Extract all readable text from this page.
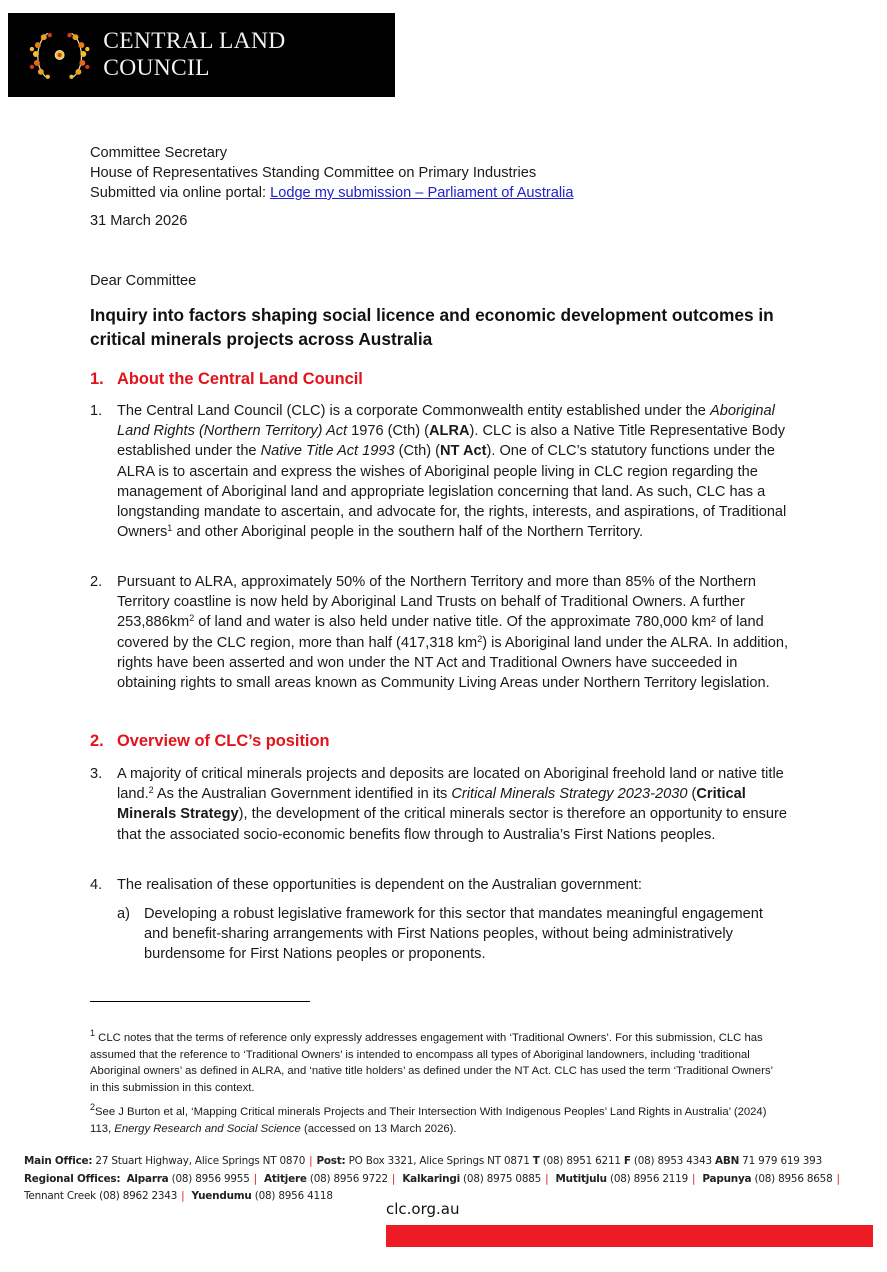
CENTRAL LAND COUNCIL
Committee Secretary
House of Representatives Standing Committee on Primary Industries
Submitted via online portal: Lodge my submission – Parliament of Australia
31 March 2026
Dear Committee
Inquiry into factors shaping social licence and economic development outcomes in critical minerals projects across Australia
1. About the Central Land Council
1. The Central Land Council (CLC) is a corporate Commonwealth entity established under the Aboriginal Land Rights (Northern Territory) Act 1976 (Cth) (ALRA). CLC is also a Native Title Representative Body established under the Native Title Act 1993 (Cth) (NT Act). One of CLC’s statutory functions under the ALRA is to ascertain and express the wishes of Aboriginal people living in CLC region regarding the management of Aboriginal land and appropriate legislation concerning that land. As such, CLC has a longstanding mandate to ascertain, and advocate for, the rights, interests, and aspirations, of Traditional Owners$^1$ and other Aboriginal people in the southern half of the Northern Territory.
2. Pursuant to ALRA, approximately 50% of the Northern Territory and more than 85% of the Northern Territory coastline is now held by Aboriginal Land Trusts on behalf of Traditional Owners. A further $253,886km^2$ of land and water is also held under native title. Of the approximate 780,000 km² of land covered by the CLC region, more than half (417,318 $km^2$) is Aboriginal land under the ALRA. In addition, rights have been asserted and won under the NT Act and Traditional Owners have succeeded in obtaining rights to small areas known as Community Living Areas under Northern Territory legislation.
2. Overview of CLC’s position
3. A majority of critical minerals projects and deposits are located on Aboriginal freehold land or native title land.$^2$ As the Australian Government identified in its Critical Minerals Strategy 2023-2030 (Critical Minerals Strategy), the development of the critical minerals sector is therefore an opportunity to ensure that the associated socio-economic benefits flow through to Australia’s First Nations peoples.
4. The realisation of these opportunities is dependent on the Australian government:
a) Developing a robust legislative framework for this sector that mandates meaningful engagement and benefit-sharing arrangements with First Nations peoples, without being administratively burdensome for First Nations peoples or proponents.
$^1$ CLC notes that the terms of reference only expressly addresses engagement with ‘Traditional Owners’. For this submission, CLC has assumed that the reference to ‘Traditional Owners’ is intended to encompass all types of Aboriginal landowners, including ‘traditional Aboriginal owners’ as defined in ALRA, and ‘native title holders’ as defined under the NT Act. CLC has used the term ‘Traditional Owners’ in this submission in this context.
$^2$See J Burton et al, ‘Mapping Critical minerals Projects and Their Intersection With Indigenous Peoples’ Land Rights in Australia’ (2024) 113, Energy Research and Social Science (accessed on 13 March 2026).
Main Office: 27 Stuart Highway, Alice Springs NT 0870 | Post: PO Box 3321, Alice Springs NT 0871 T (08) 8951 6211 F (08) 8953 4343 ABN 71 979 619 393
Regional Offices: Alparra (08) 8956 9955 | Atitjere (08) 8956 9722 | Kalkaringi (08) 8975 0885 | Mutitjulu (08) 8956 2119 | Papunya (08) 8956 8658 |
Tennant Creek (08) 8962 2343 | Yuendumu (08) 8956 4118
clc.org.au
